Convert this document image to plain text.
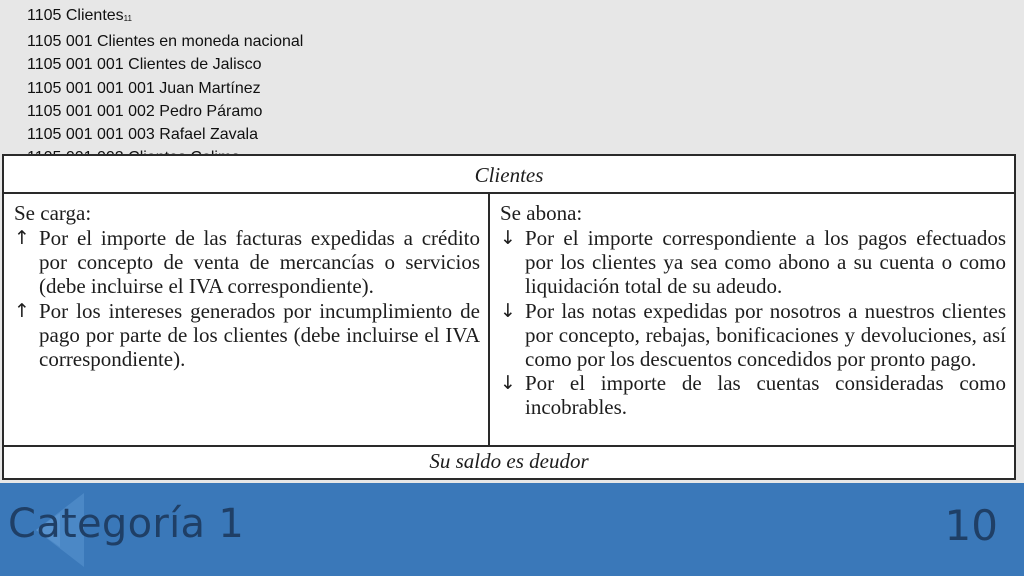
1105 Clientes$_{11}$
1105 001 Clientes en moneda nacional
1105 001 001 Clientes de Jalisco
1105 001 001 001 Juan Martínez
1105 001 001 002 Pedro Páramo
1105 001 001 003 Rafael Zavala
Clientes
Se carga:
↑ Por el importe de las facturas expedidas a crédito por concepto de venta de mercancías o servicios (debe incluirse el IVA correspondiente).
↑ Por los intereses generados por incumplimiento de pago por parte de los clientes (debe incluirse el IVA correspondiente).
Se abona:
↓ Por el importe correspondiente a los pagos efectuados por los clientes ya sea como abono a su cuenta o como liquidación total de su adeudo.
↓ Por las notas expedidas por nosotros a nuestros clientes por concepto, rebajas, bonificaciones y devoluciones, así como por los descuentos concedidos por pronto pago.
↓ Por el importe de las cuentas consideradas como incobrables.
Su saldo es deudor
Categoría 1	10
